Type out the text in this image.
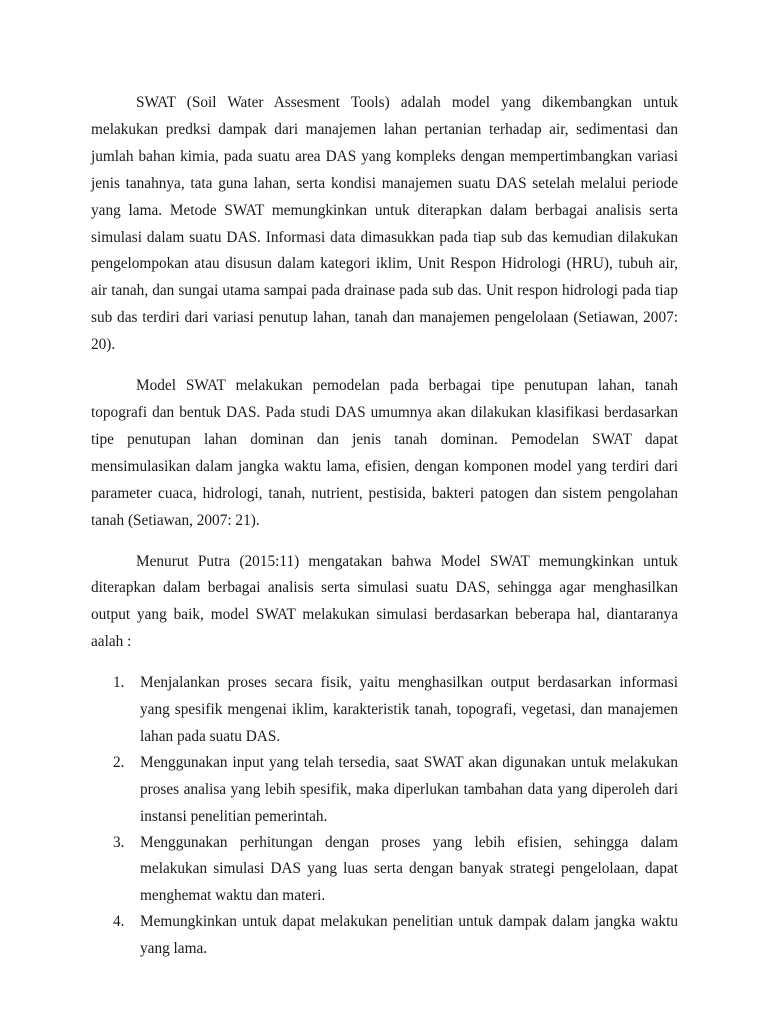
SWAT (Soil Water Assesment Tools) adalah model yang dikembangkan untuk melakukan predksi dampak dari manajemen lahan pertanian terhadap air, sedimentasi dan jumlah bahan kimia, pada suatu area DAS yang kompleks dengan mempertimbangkan variasi jenis tanahnya, tata guna lahan, serta kondisi manajemen suatu DAS setelah melalui periode yang lama. Metode SWAT memungkinkan untuk diterapkan dalam berbagai analisis serta simulasi dalam suatu DAS. Informasi data dimasukkan pada tiap sub das kemudian dilakukan pengelompokan atau disusun dalam kategori iklim, Unit Respon Hidrologi (HRU), tubuh air, air tanah, dan sungai utama sampai pada drainase pada sub das. Unit respon hidrologi pada tiap sub das terdiri dari variasi penutup lahan, tanah dan manajemen pengelolaan (Setiawan, 2007: 20).

Model SWAT melakukan pemodelan pada berbagai tipe penutupan lahan, tanah topografi dan bentuk DAS. Pada studi DAS umumnya akan dilakukan klasifikasi berdasarkan tipe penutupan lahan dominan dan jenis tanah dominan. Pemodelan SWAT dapat mensimulasikan dalam jangka waktu lama, efisien, dengan komponen model yang terdiri dari parameter cuaca, hidrologi, tanah, nutrient, pestisida, bakteri patogen dan sistem pengolahan tanah (Setiawan, 2007: 21).

Menurut Putra (2015:11) mengatakan bahwa Model SWAT memungkinkan untuk diterapkan dalam berbagai analisis serta simulasi suatu DAS, sehingga agar menghasilkan output yang baik, model SWAT melakukan simulasi berdasarkan beberapa hal, diantaranya aalah :

1. Menjalankan proses secara fisik, yaitu menghasilkan output berdasarkan informasi yang spesifik mengenai iklim, karakteristik tanah, topografi, vegetasi, dan manajemen lahan pada suatu DAS.
2. Menggunakan input yang telah tersedia, saat SWAT akan digunakan untuk melakukan proses analisa yang lebih spesifik, maka diperlukan tambahan data yang diperoleh dari instansi penelitian pemerintah.
3. Menggunakan perhitungan dengan proses yang lebih efisien, sehingga dalam melakukan simulasi DAS yang luas serta dengan banyak strategi pengelolaan, dapat menghemat waktu dan materi.
4. Memungkinkan untuk dapat melakukan penelitian untuk dampak dalam jangka waktu yang lama.
